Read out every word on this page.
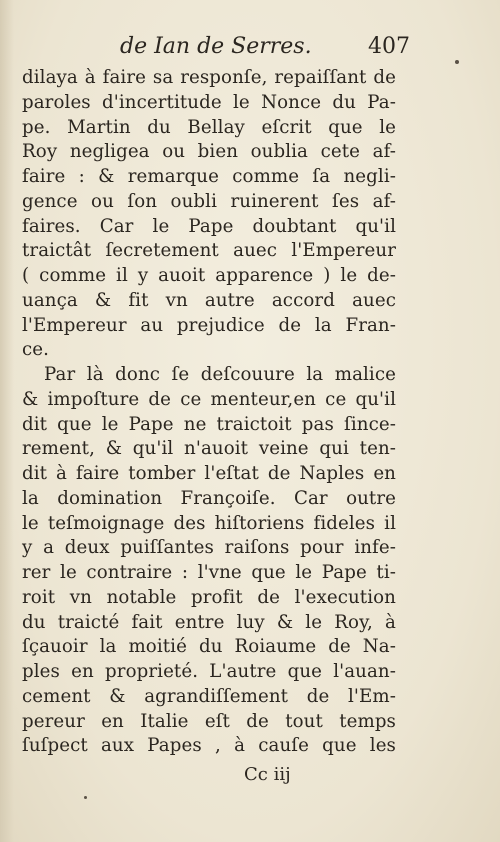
de Ian de Serres.	407
dilaya à faire sa responſe, repaiſſant de
paroles d'incertitude le Nonce du Pa-
pe. Martin du Bellay eſcrit que le
Roy negligea ou bien oublia cete af-
faire : & remarque comme ſa negli-
gence ou ſon oubli ruinerent ſes af-
faires. Car le Pape doubtant qu'il
traictât ſecretement auec l'Empereur
( comme il y auoit apparence ) le de-
uança & fit vn autre accord auec
l'Empereur au prejudice de la Fran-
ce.
Par là donc ſe deſcouure la malice
& impoſture de ce menteur,en ce qu'il
dit que le Pape ne traictoit pas ſince-
rement, & qu'il n'auoit veine qui ten-
dit à faire tomber l'eſtat de Naples en
la domination Françoiſe. Car outre
le teſmoignage des hiſtoriens fideles il
y a deux puiſſantes raiſons pour infe-
rer le contraire : l'vne que le Pape ti-
roit vn notable profit de l'execution
du traicté fait entre luy & le Roy, à
ſçauoir la moitié du Roiaume de Na-
ples en proprieté. L'autre que l'auan-
cement & agrandiſſement de l'Em-
pereur en Italie eſt de tout temps
ſuſpect aux Papes , à cauſe que les
Cc iij
